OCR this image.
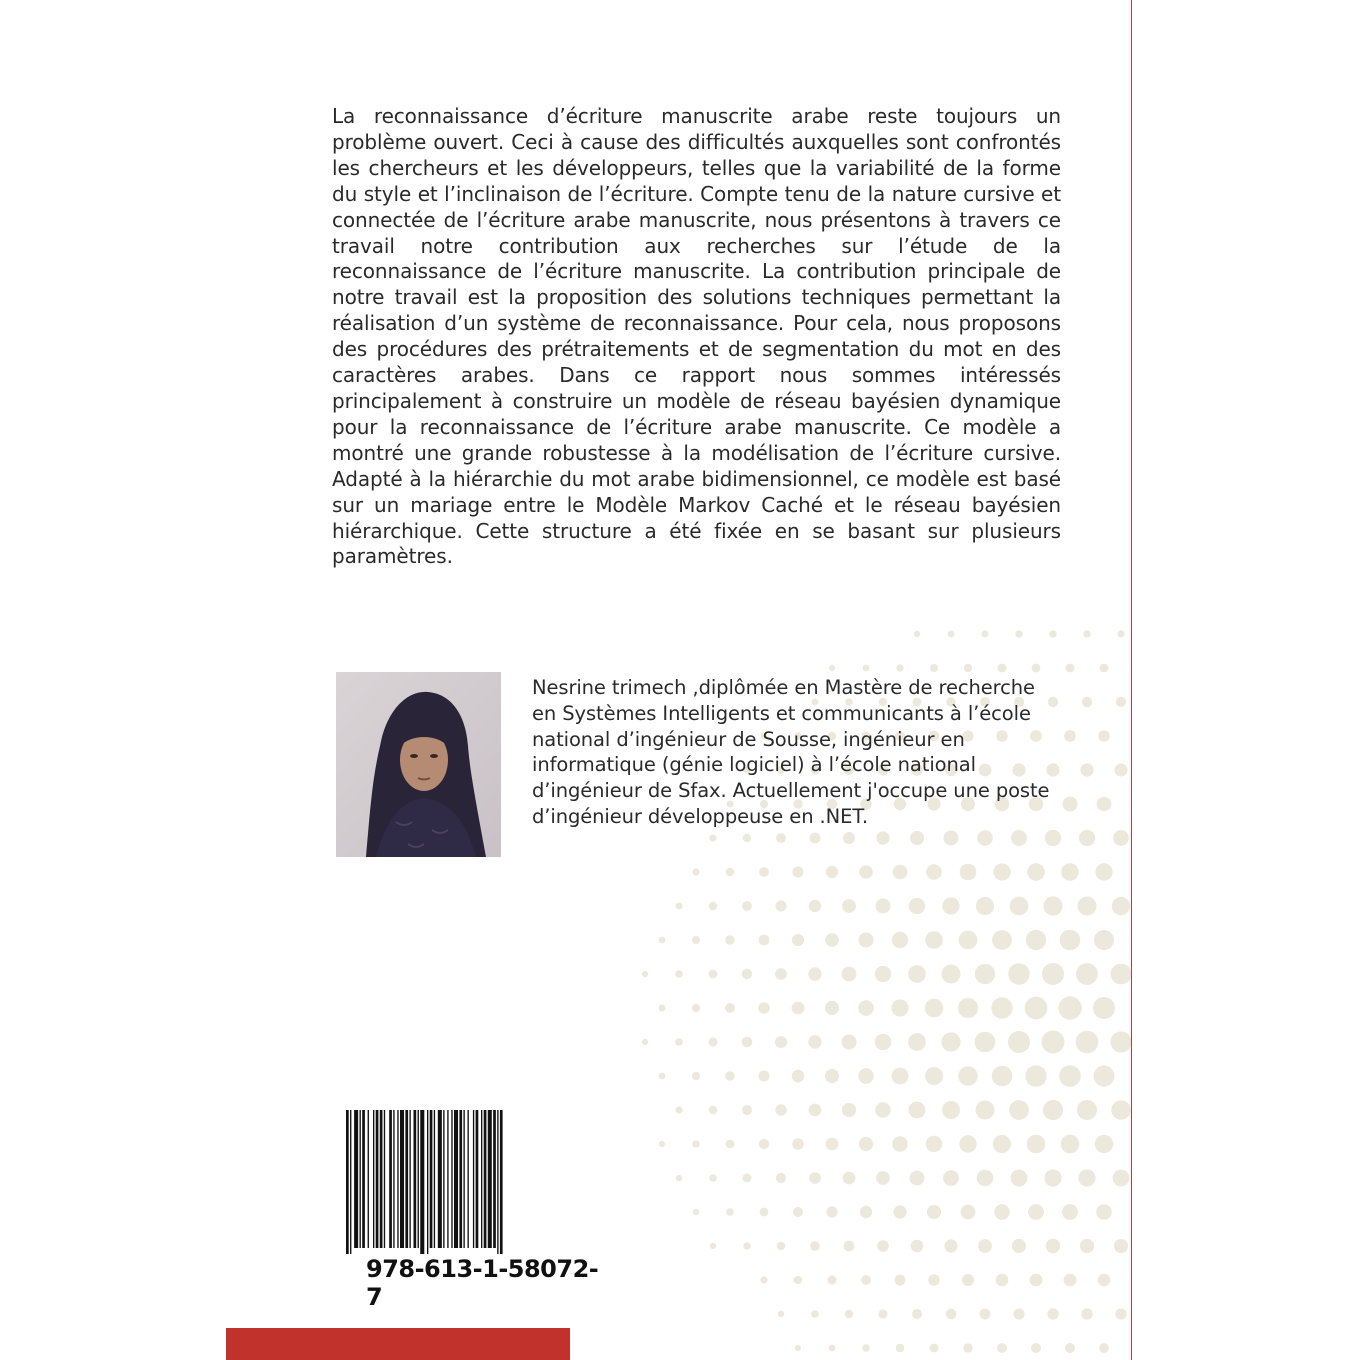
La reconnaissance d’écriture manuscrite arabe reste toujours un problème ouvert. Ceci à cause des difficultés auxquelles sont confrontés les chercheurs et les développeurs, telles que la variabilité de la forme du style et l’inclinaison de l’écriture. Compte tenu de la nature cursive et connectée de l’écriture arabe manuscrite, nous présentons à travers ce travail notre contribution aux recherches sur l’étude de la reconnaissance de l’écriture manuscrite. La contribution principale de notre travail est la proposition des solutions techniques permettant la réalisation d’un système de reconnaissance. Pour cela, nous proposons des procédures des prétraitements et de segmentation du mot en des caractères arabes. Dans ce rapport nous sommes intéressés principalement à construire un modèle de réseau bayésien dynamique pour la reconnaissance de l’écriture arabe manuscrite. Ce modèle a montré une grande robustesse à la modélisation de l’écriture cursive. Adapté à la hiérarchie du mot arabe bidimensionnel, ce modèle est basé sur un mariage entre le Modèle Markov Caché et le réseau bayésien hiérarchique. Cette structure a été fixée en se basant sur plusieurs paramètres.
Nesrine trimech ,diplômée en Mastère de recherche en Systèmes Intelligents et communicants à l’école national d’ingénieur de Sousse, ingénieur en informatique (génie logiciel) à l’école national d’ingénieur de Sfax. Actuellement j'occupe une poste d’ingénieur développeuse en .NET.
978-613-1-58072-7
